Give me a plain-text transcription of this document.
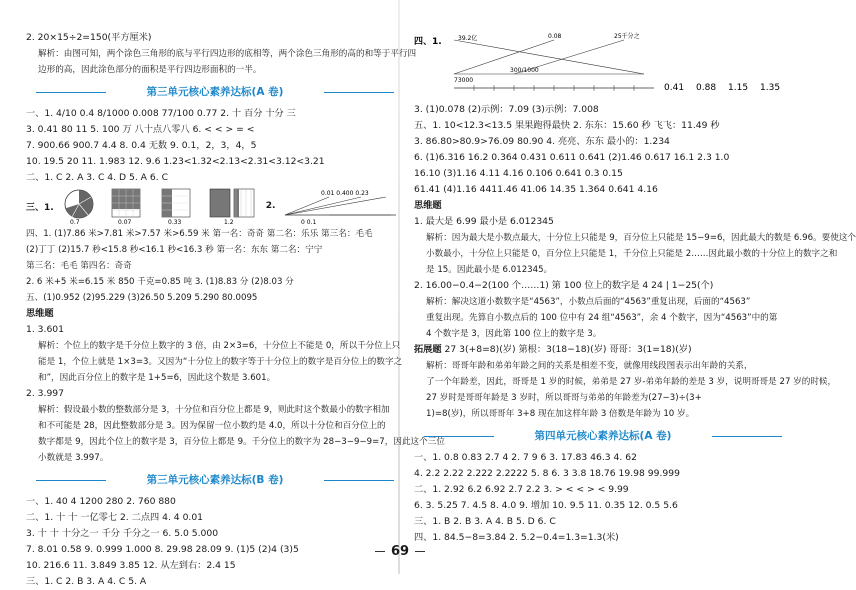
2. 20×15÷2=150(平方厘米)
解析：由图可知，两个涂色三角形的底与平行四边形的底相等，两个涂色三角形的高的和等于平行四
边形的高，因此涂色部分的面积是平行四边形面积的一半。
第三单元核心素养达标(A 卷)
一、1. 4/10 0.4 8/1000 0.008 77/100 0.77 2. 十 百分 十分 三
3. 0.41 80 11 5. 100 万 八十点八零八 6. < < > = <
7. 900.66 900.7 4.4 8. 0.4 无数 9. 0.1，2，3，4，5
10. 19.5 20 11. 1.983 12. 9.6 1.23<1.32<2.13<2.31<3.12<3.21
二、1. C 2. A 3. C 4. D 5. A 6. C
三、1.
0.7	0.07	0.33	1.2
2.
0.01 0.400 0.23
0 0.1
四、1. (1)7.86 米>7.81 米>7.57 米>6.59 米 第一名：奇奇 第二名：乐乐 第三名：毛毛
(2)丁丁 (2)15.7 秒<15.8 秒<16.1 秒<16.3 秒 第一名：东东 第二名：宁宁
第三名：毛毛 第四名：奇奇
2. 6 米+5 米=6.15 米 850 千克=0.85 吨 3. (1)8.83 分 (2)8.03 分
五、(1)0.952 (2)95.229 (3)26.50 5.209 5.290 80.0095
思维题
1. 3.601
解析：个位上的数字是千分位上数字的 3 倍，由 2×3=6，十分位上不能是 0，所以千分位上只
能是 1，个位上就是 1×3=3。又因为“十分位上的数字等于十分位上的数字是百分位上的数字之
和”，因此百分位上的数字是 1+5=6，因此这个数是 3.601。
2. 3.997
解析：假设最小数的整数部分是 3，十分位和百分位上都是 9，则此时这个数最小的数字相加
和不可能是 28，因此整数部分是 3。因为保留一位小数约是 4.0，所以十分位和百分位上的
数字都是 9，因此个位上的数字是 3，百分位上都是 9。千分位上的数字为 28−3−9−9=7，因此这个三位
小数就是 3.997。
第三单元核心素养达标(B 卷)
一、1. 40 4 1200 280 2. 760 880
二、1. 十 十 一亿零七 2. 二点四 4. 4 0.01
3. 十 十 十分之一 千分 千分之一 6. 5.0 5.000
7. 8.01 0.58 9. 0.999 1.000 8. 29.98 28.09 9. (1)5 (2)4 (3)5
10. 216.6 11. 3.849 3.85 12. 从左到右：2.4 15
三、1. C 2. B 3. A 4. C 5. A
四、1.	39.2亿	0.08	25千分之
73000
300/1000
0.41 0.88 1.15 1.35
3. (1)0.078 (2)示例：7.09 (3)示例：7.008
五、1. 10<12.3<13.5 果果跑得最快 2. 东东：15.60 秒 飞飞：11.49 秒
3. 86.80>80.9>76.09 80.90 4. 亮亮、东东 最小的：1.234
6. (1)6.316 16.2 0.364 0.431 0.611 0.641 (2)1.46 0.617 16.1 2.3 1.0
16.10 (3)1.16 4.11 4.16 0.106 0.641 0.3 0.15
61.41 (4)1.16 4411.46 41.06 14.35 1.364 0.641 4.16
思维题
1. 最大是 6.99 最小是 6.012345
解析：因为最大是小数点最大，十分位上只能是 9，百分位上只能是 15−9=6，因此最大的数是 6.96。要使这个
小数最小，十分位上只能是 0，百分位上只能是 1，千分位上只能是 2……因此最小数的十分位上的数字之和
是 15。因此最小是 6.012345。
2. 16.00−0.4−2(100 个……1) 第 100 位上的数字是 4 24 | 1−25(个)
解析：解决这道小数数字是“4563”，小数点后面的“4563”重复出现，后面的“4563”
重复出现。先算自小数点后的 100 位中有 24 组“4563”，余 4 个数字，因为“4563”中的第
4 个数字是 3，因此第 100 位上的数字是 3。
拓展题 27 3(+8=8)(岁) 第根：3(18−18)(岁) 哥哥：3(1=18)(岁)
解析：哥哥年龄和弟弟年龄之间的关系是相差不变，就像用线段图表示出年龄的关系，
了一个年龄差，因此，哥哥是 1 岁的时候，弟弟是 27 岁-弟弟年龄的差是 3 岁，说明哥哥是 27 岁的时候，
27 岁时是哥哥年龄是 3 岁时，所以哥哥与弟弟的年龄差为(27−3)÷(3+
1)=8(岁)，所以哥哥年 3+8 现在加这样年龄 3 倍数是年龄为 10 岁。
第四单元核心素养达标(A 卷)
一、1. 0.8 0.83 2.7 4 2. 7 9 6 3. 17.83 46.3 4. 62
4. 2.2 2.22 2.222 2.2222 5. 8 6. 3 3.8 18.76 19.98 99.999
二、1. 2.92 6.2 6.92 2.7 2.2 3. > < < > < 9.99
6. 3. 5.25 7. 4.5 8. 4.0 9. 增加 10. 9.5 11. 0.35 12. 0.5 5.6
三、1. B 2. B 3. A 4. B 5. D 6. C
四、1. 84.5−8=3.84 2. 5.2−0.4=1.3=1.3(米)
69
